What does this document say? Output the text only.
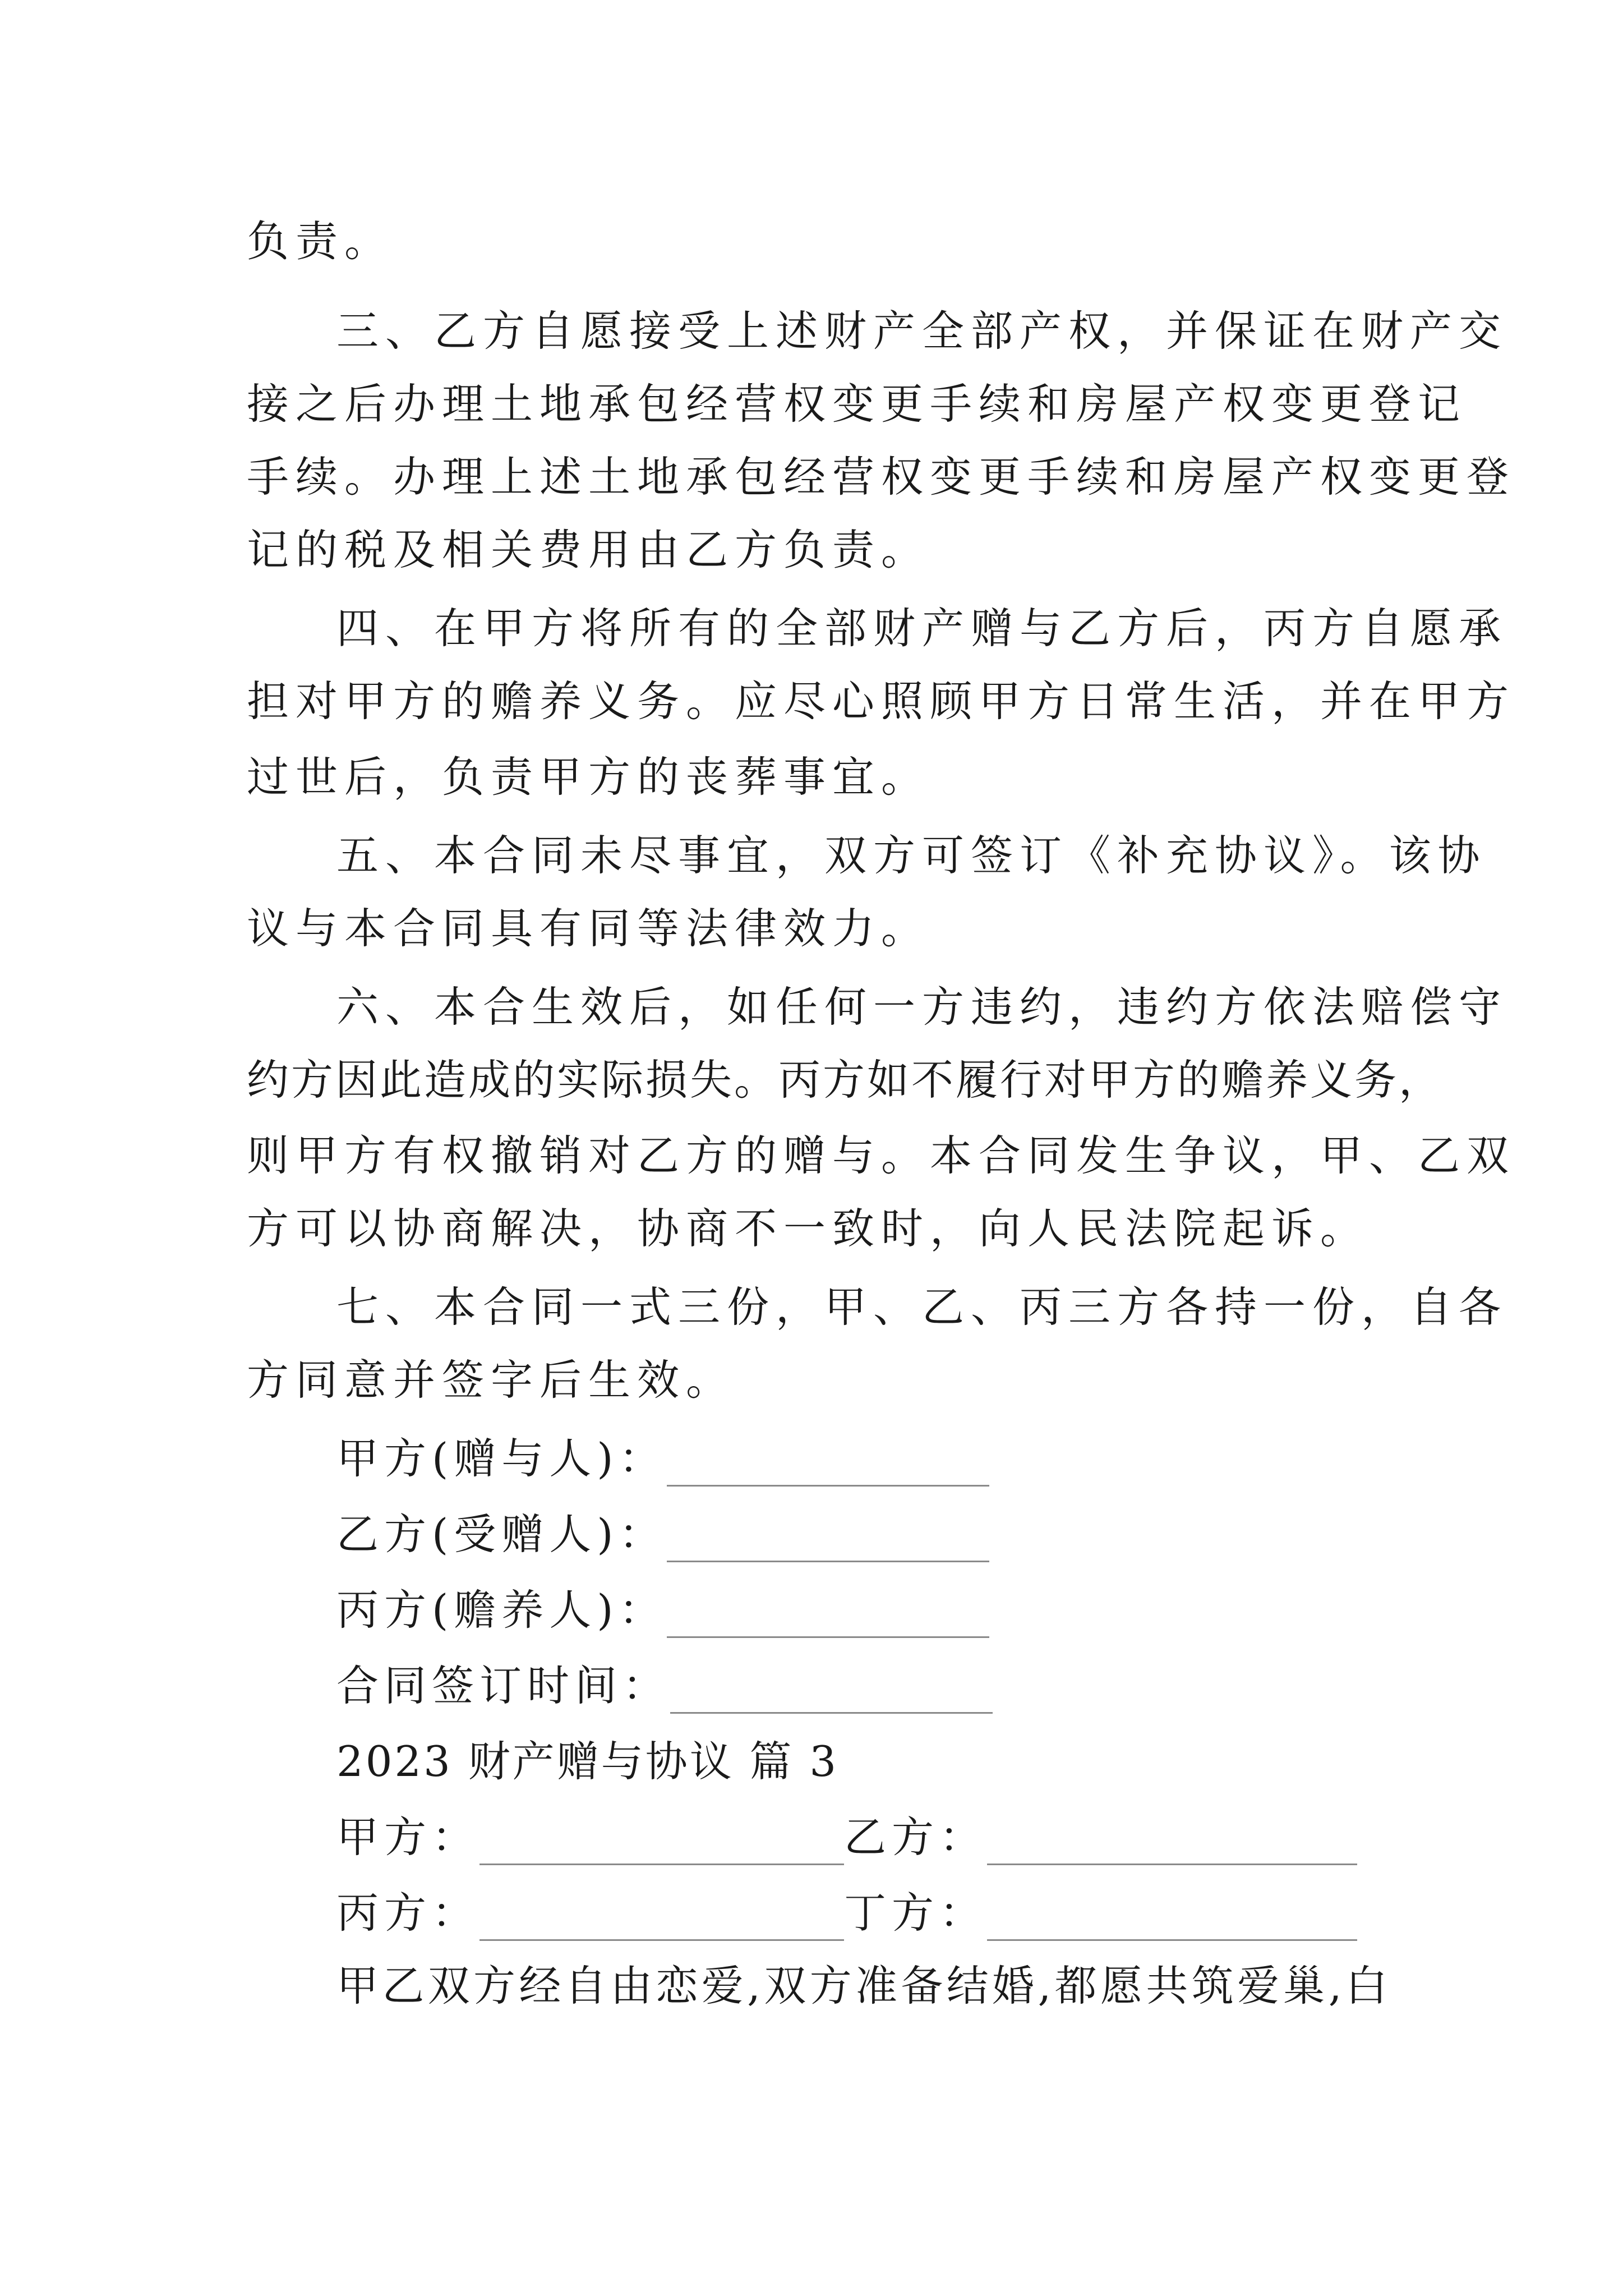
负责。
三、乙方自愿接受上述财产全部产权，并保证在财产交
接之后办理土地承包经营权变更手续和房屋产权变更登记
手续。办理上述土地承包经营权变更手续和房屋产权变更登
记的税及相关费用由乙方负责。
四、在甲方将所有的全部财产赠与乙方后，丙方自愿承
担对甲方的赡养义务。应尽心照顾甲方日常生活，并在甲方
过世后，负责甲方的丧葬事宜。
五、本合同未尽事宜，双方可签订《补充协议》。该协
议与本合同具有同等法律效力。
六、本合生效后，如任何一方违约，违约方依法赔偿守
约方因此造成的实际损失。丙方如不履行对甲方的赡养义务，
则甲方有权撤销对乙方的赠与。本合同发生争议，甲、乙双
方可以协商解决，协商不一致时，向人民法院起诉。
七、本合同一式三份，甲、乙、丙三方各持一份，自各
方同意并签字后生效。
甲方(赠与人)：
乙方(受赠人)：
丙方(赡养人)：
合同签订时间：
2023 财产赠与协议 篇 3
甲方：	乙方：
丙方：	丁方：
甲乙双方经自由恋爱,双方准备结婚,都愿共筑爱巢,白
